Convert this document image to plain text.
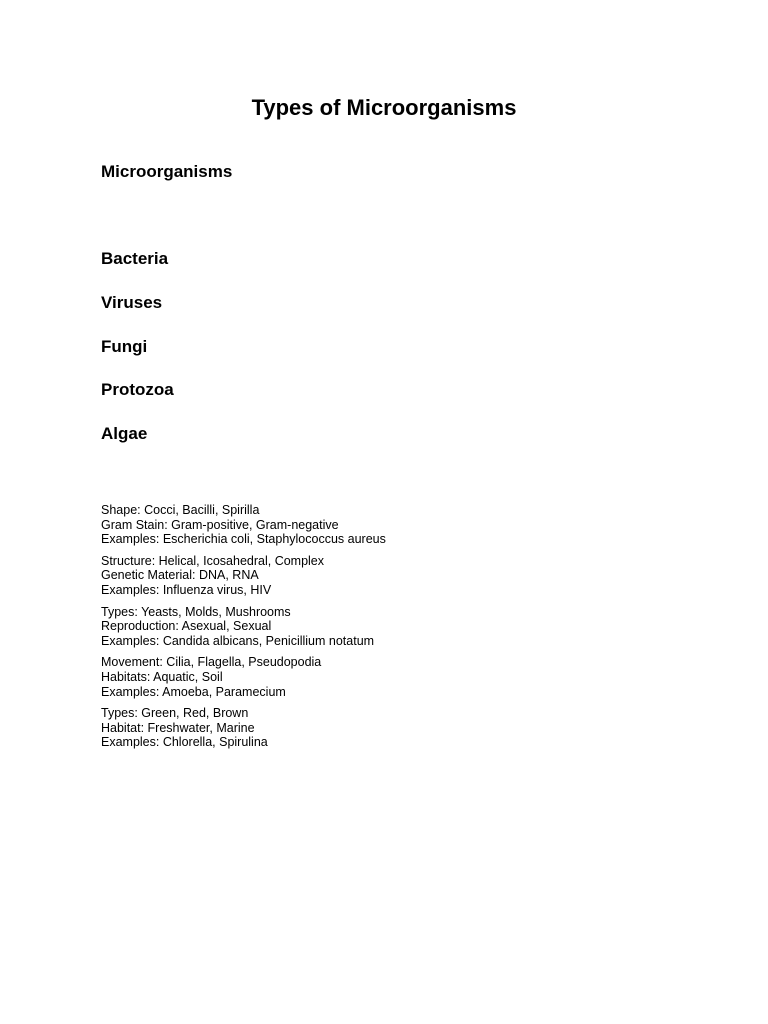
Types of Microorganisms
Microorganisms
Bacteria
Viruses
Fungi
Protozoa
Algae
Shape: Cocci, Bacilli, Spirilla
Gram Stain: Gram-positive, Gram-negative
Examples: Escherichia coli, Staphylococcus aureus
Structure: Helical, Icosahedral, Complex
Genetic Material: DNA, RNA
Examples: Influenza virus, HIV
Types: Yeasts, Molds, Mushrooms
Reproduction: Asexual, Sexual
Examples: Candida albicans, Penicillium notatum
Movement: Cilia, Flagella, Pseudopodia
Habitats: Aquatic, Soil
Examples: Amoeba, Paramecium
Types: Green, Red, Brown
Habitat: Freshwater, Marine
Examples: Chlorella, Spirulina
